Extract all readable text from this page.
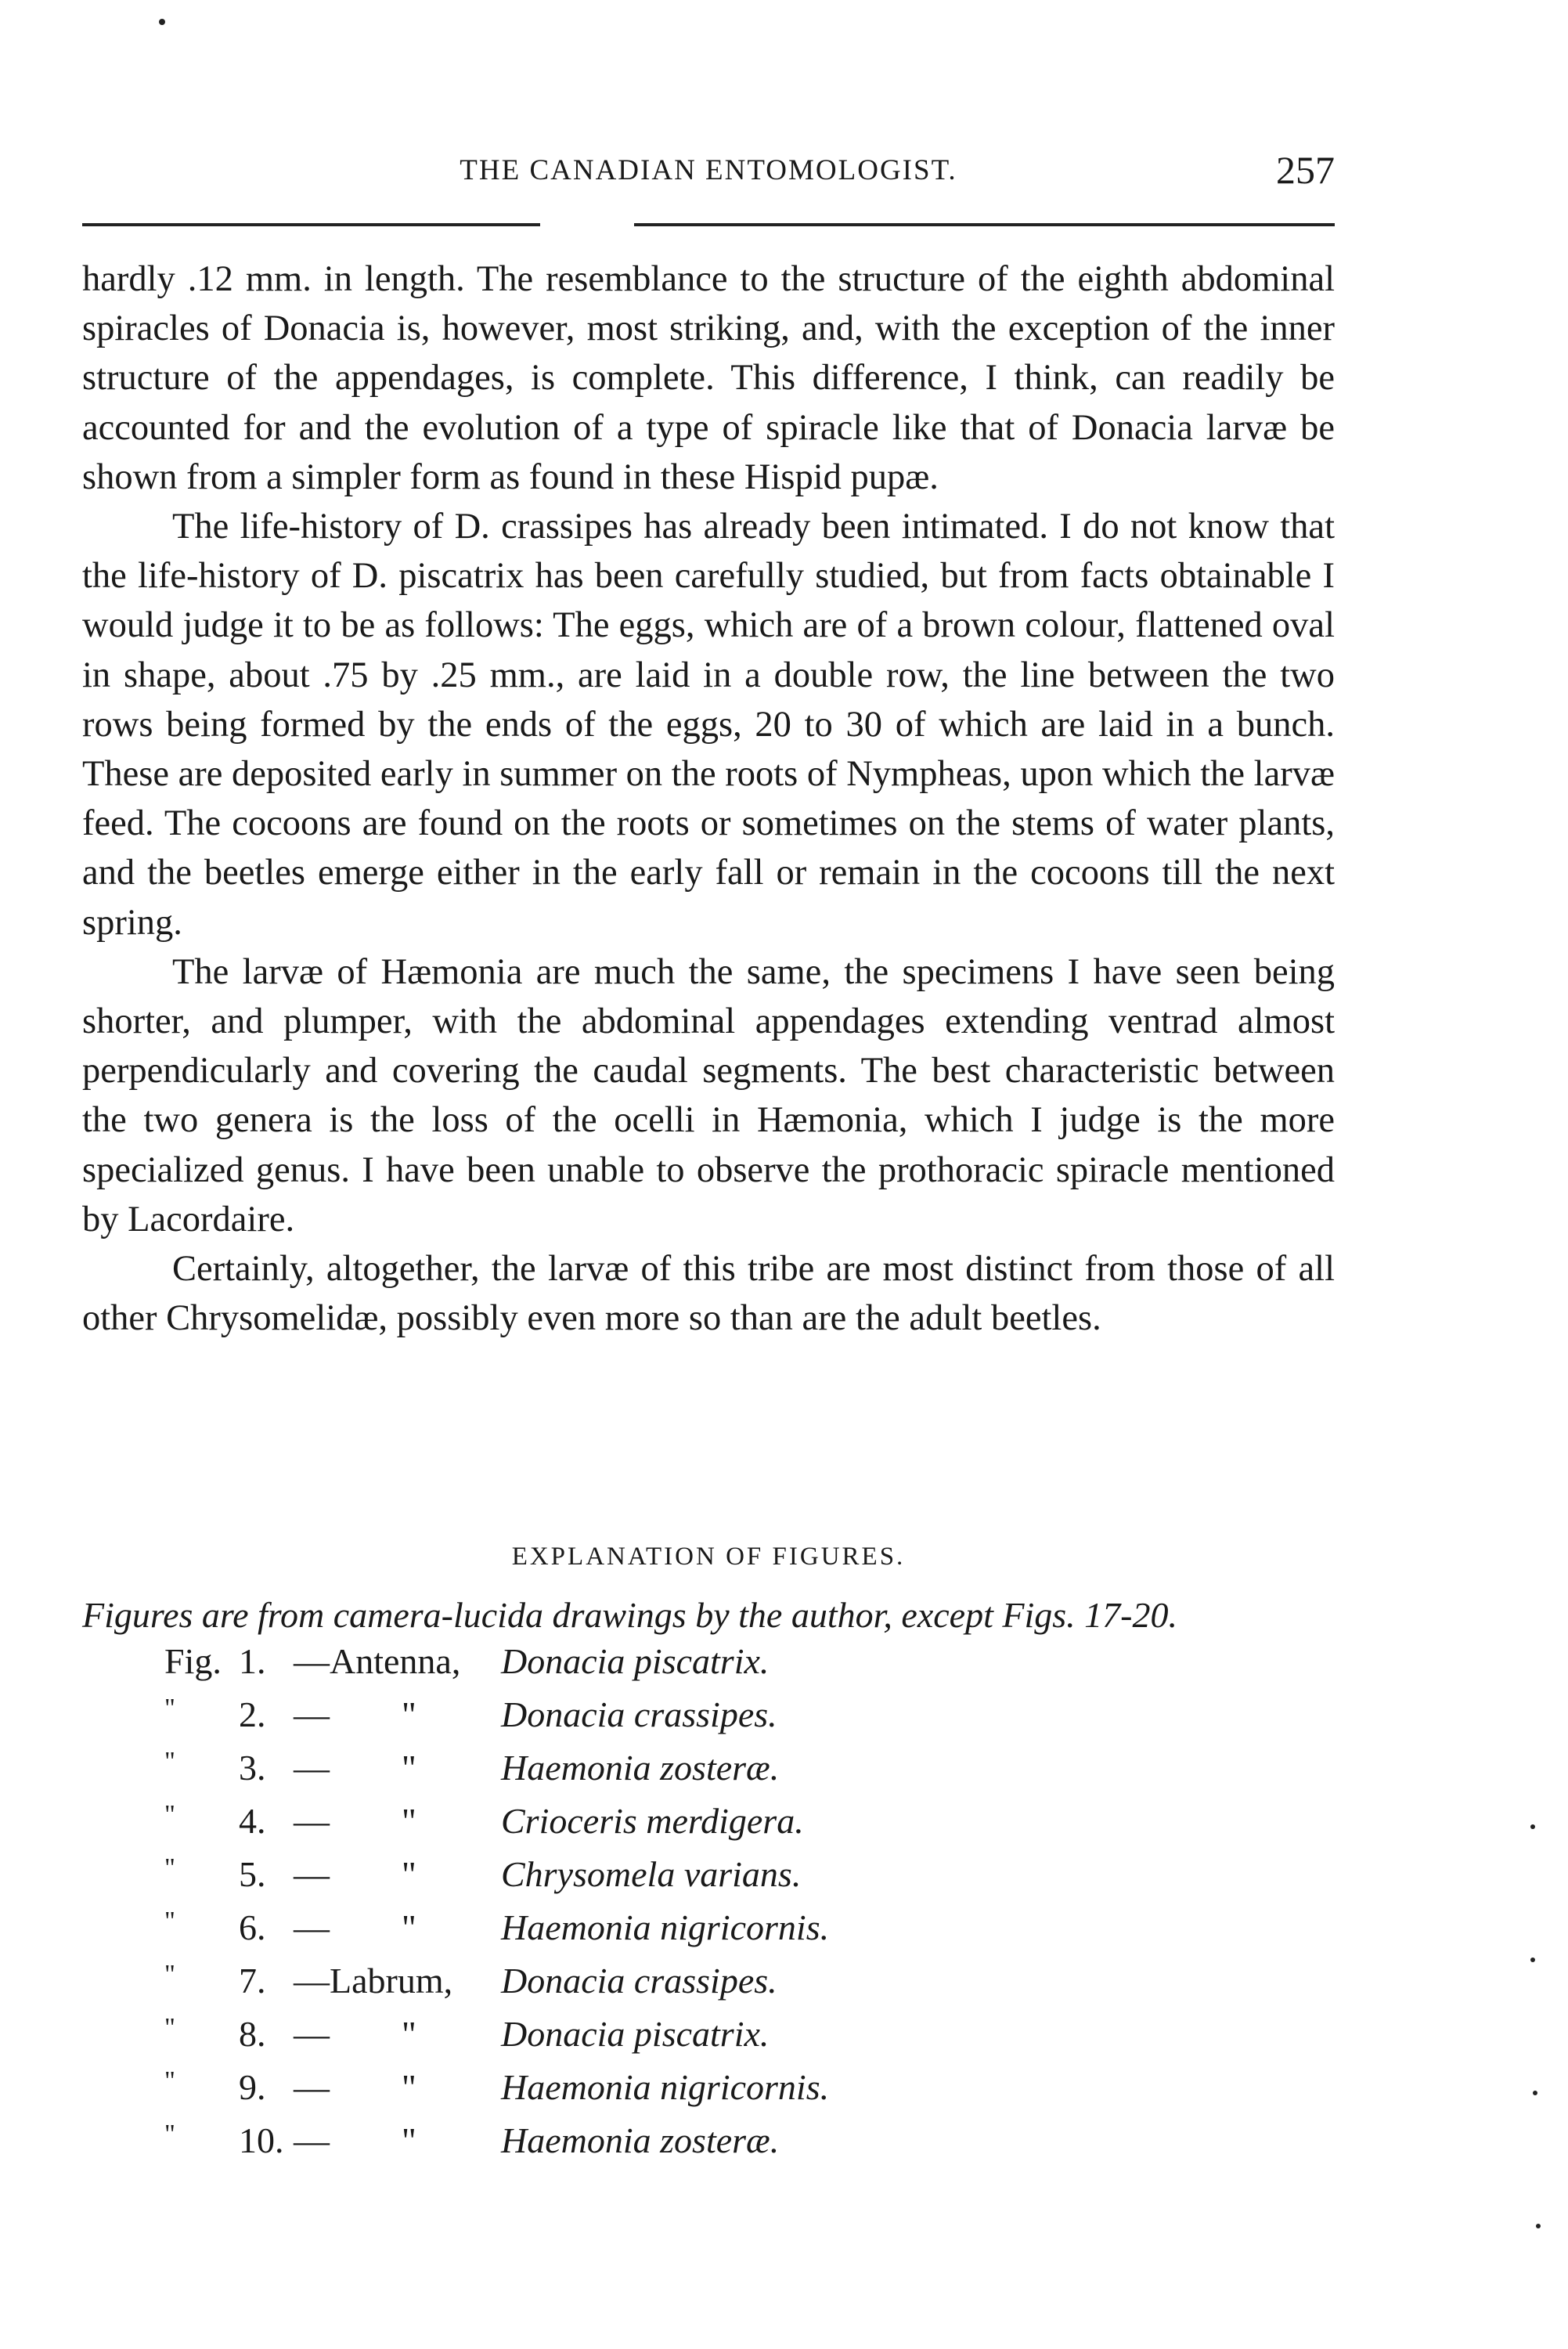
THE CANADIAN ENTOMOLOGIST.	257

hardly .12 mm. in length. The resemblance to the structure of the eighth abdominal spiracles of Donacia is, however, most striking, and, with the exception of the inner structure of the appendages, is complete. This difference, I think, can readily be accounted for and the evolution of a type of spiracle like that of Donacia larvæ be shown from a simpler form as found in these Hispid pupæ.

The life-history of D. crassipes has already been intimated. I do not know that the life-history of D. piscatrix has been carefully studied, but from facts obtainable I would judge it to be as follows: The eggs, which are of a brown colour, flattened oval in shape, about .75 by .25 mm., are laid in a double row, the line between the two rows being formed by the ends of the eggs, 20 to 30 of which are laid in a bunch. These are deposited early in summer on the roots of Nympheas, upon which the larvæ feed. The cocoons are found on the roots or sometimes on the stems of water plants, and the beetles emerge either in the early fall or remain in the cocoons till the next spring.

The larvæ of Hæmonia are much the same, the specimens I have seen being shorter, and plumper, with the abdominal appendages extending ventrad almost perpendicularly and covering the caudal segments. The best characteristic between the two genera is the loss of the ocelli in Hæmonia, which I judge is the more specialized genus. I have been unable to observe the prothoracic spiracle mentioned by Lacordaire.

Certainly, altogether, the larvæ of this tribe are most distinct from those of all other Chrysomelidæ, possibly even more so than are the adult beetles.

EXPLANATION OF FIGURES.
Figures are from camera-lucida drawings by the author, except Figs. 17-20.
Fig. 1. —Antenna, Donacia piscatrix.
" 2. —        " Donacia crassipes.
" 3. —        " Haemonia zosteræ.
" 4. —        " Crioceris merdigera.
" 5. —        " Chrysomela varians.
" 6. —        " Haemonia nigricornis.
" 7. —Labrum, Donacia crassipes.
" 8. —        " Donacia piscatrix.
" 9. —        " Haemonia nigricornis.
" 10. —        " Haemonia zosteræ.
